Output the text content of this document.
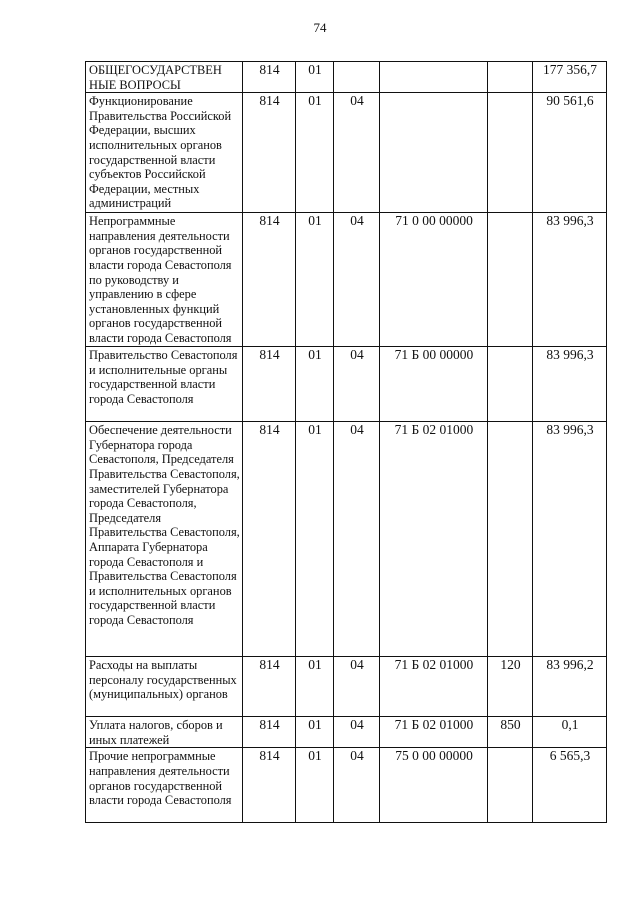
74
ОБЩЕГОСУДАРСТВЕН НЫЕ ВОПРОСЫ	814	01				177 356,7
Функционирование Правительства Российской Федерации, высших исполнительных органов государственной власти субъектов Российской Федерации, местных администраций	814	01	04			90 561,6
Непрограммные направления деятельности органов государственной власти города Севастополя по руководству и управлению в сфере установленных функций органов государственной власти города Севастополя	814	01	04	71 0 00 00000		83 996,3
Правительство Севастополя и исполнительные органы государственной власти города Севастополя	814	01	04	71 Б 00 00000		83 996,3
Обеспечение деятельности Губернатора города Севастополя, Председателя Правительства Севастополя, заместителей Губернатора города Севастополя, Председателя Правительства Севастополя, Аппарата Губернатора города Севастополя и Правительства Севастополя и исполнительных органов государственной власти города Севастополя	814	01	04	71 Б 02 01000		83 996,3
Расходы на выплаты персоналу государственных (муниципальных) органов	814	01	04	71 Б 02 01000	120	83 996,2
Уплата налогов, сборов и иных платежей	814	01	04	71 Б 02 01000	850	0,1
Прочие непрограммные направления деятельности органов государственной власти города Севастополя	814	01	04	75 0 00 00000		6 565,3
